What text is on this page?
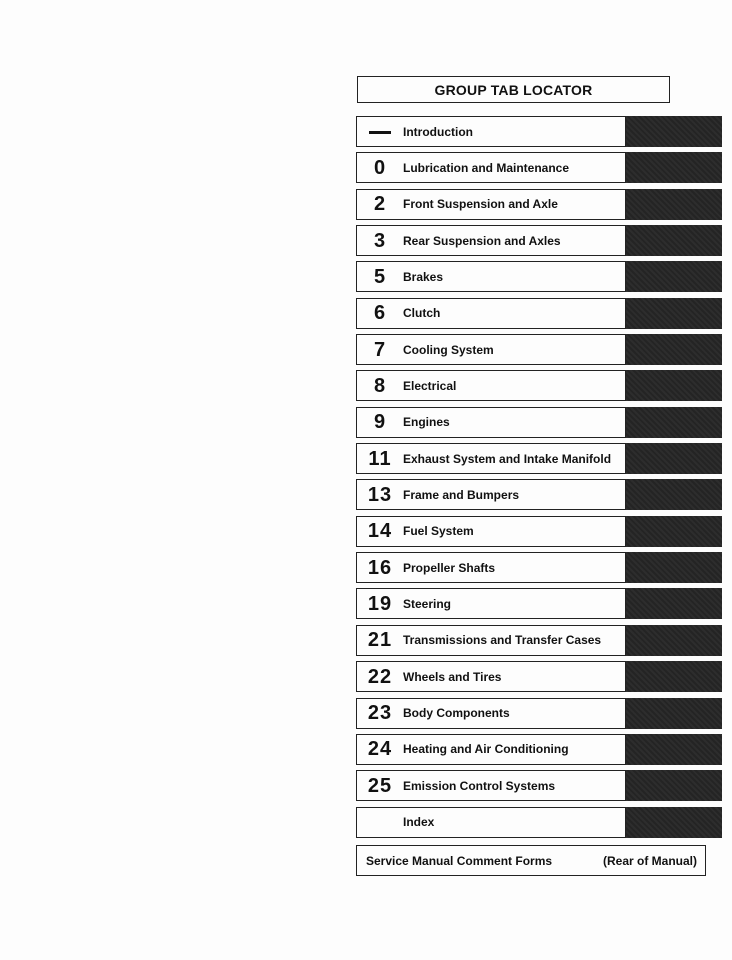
GROUP TAB LOCATOR
Introduction
0	Lubrication and Maintenance
2	Front Suspension and Axle
3	Rear Suspension and Axles
5	Brakes
6	Clutch
7	Cooling System
8	Electrical
9	Engines
11 Exhaust System and Intake Manifold
13 Frame and Bumpers
14 Fuel System
16 Propeller Shafts
19 Steering
21 Transmissions and Transfer Cases
22 Wheels and Tires
23 Body Components
24 Heating and Air Conditioning
25 Emission Control Systems
Index
Service Manual Comment Forms	(Rear of Manual)
